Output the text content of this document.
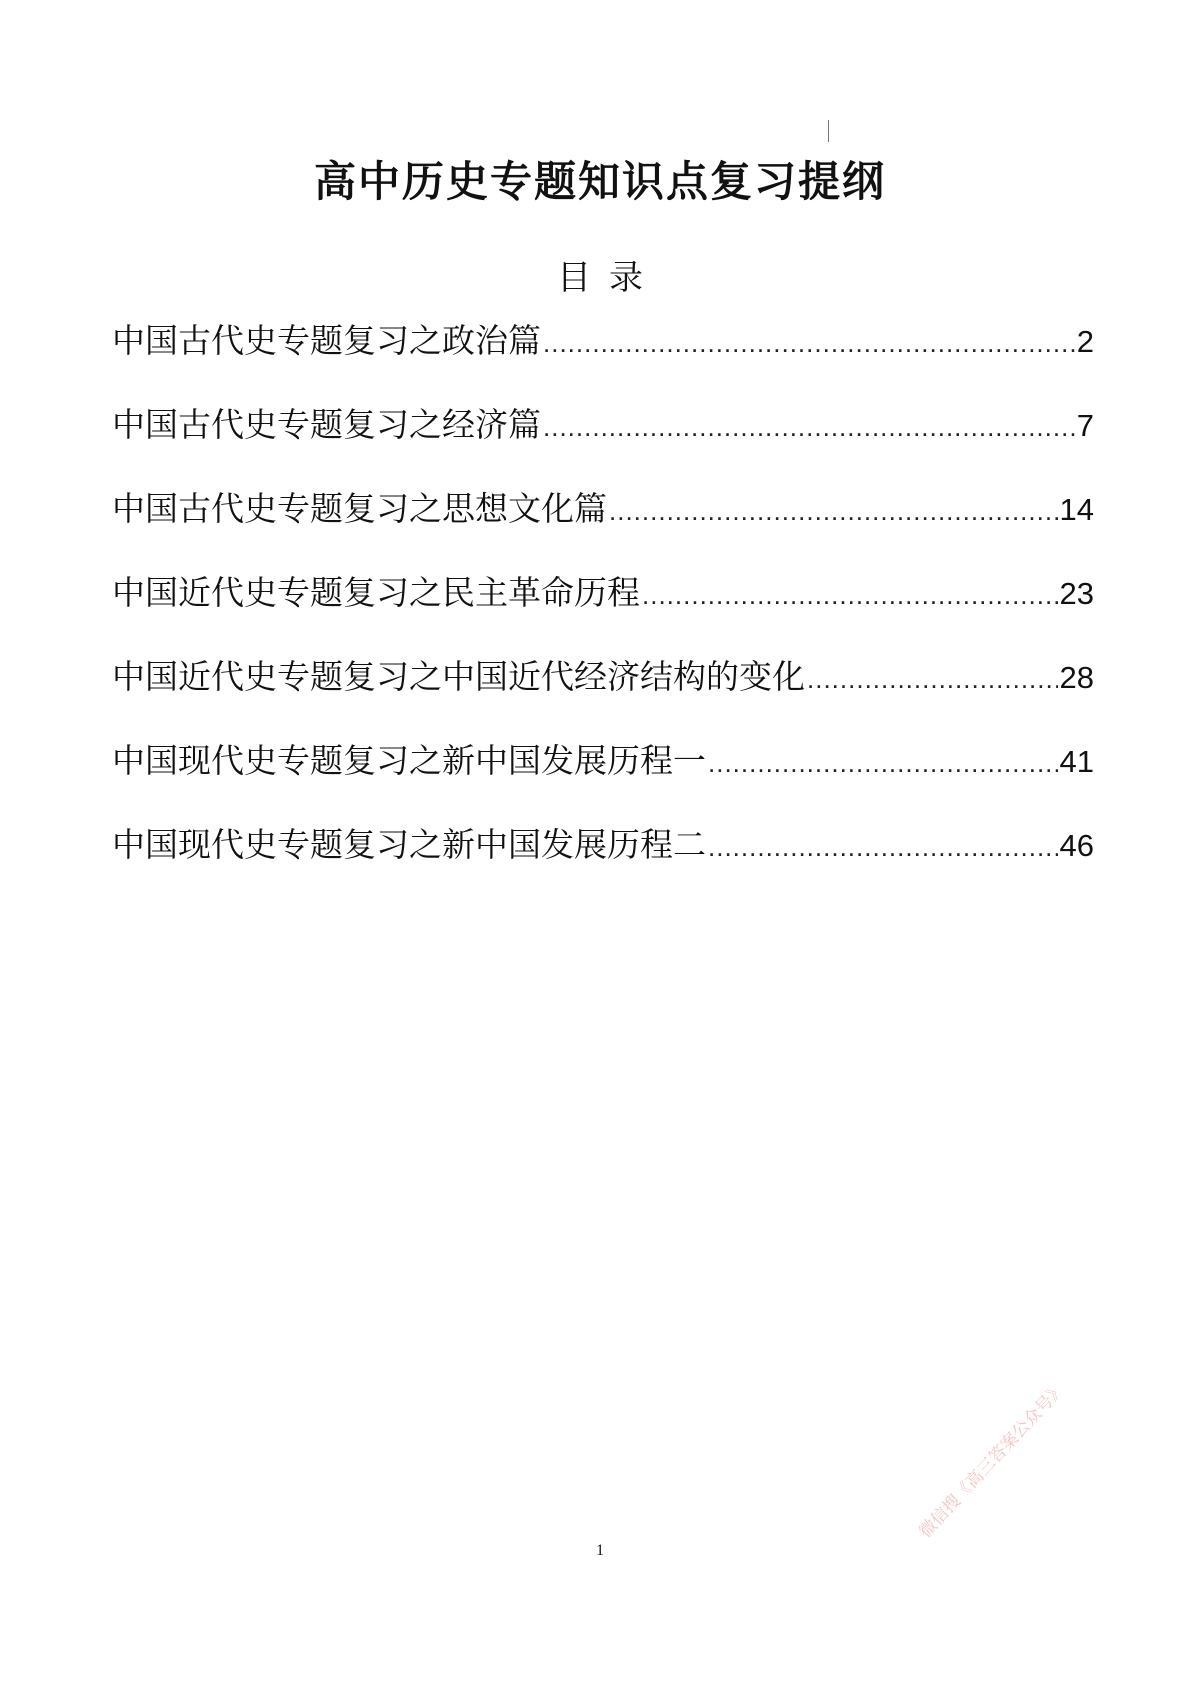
高中历史专题知识点复习提纲
目录
中国古代史专题复习之政治篇 .....	2
中国古代史专题复习之经济篇 .....	7
中国古代史专题复习之思想文化篇 .....	14
中国近代史专题复习之民主革命历程 .....	23
中国近代史专题复习之中国近代经济结构的变化 .....	28
中国现代史专题复习之新中国发展历程一 .....	41
中国现代史专题复习之新中国发展历程二 .....	46
1
微信搜《高三答案公众号》
